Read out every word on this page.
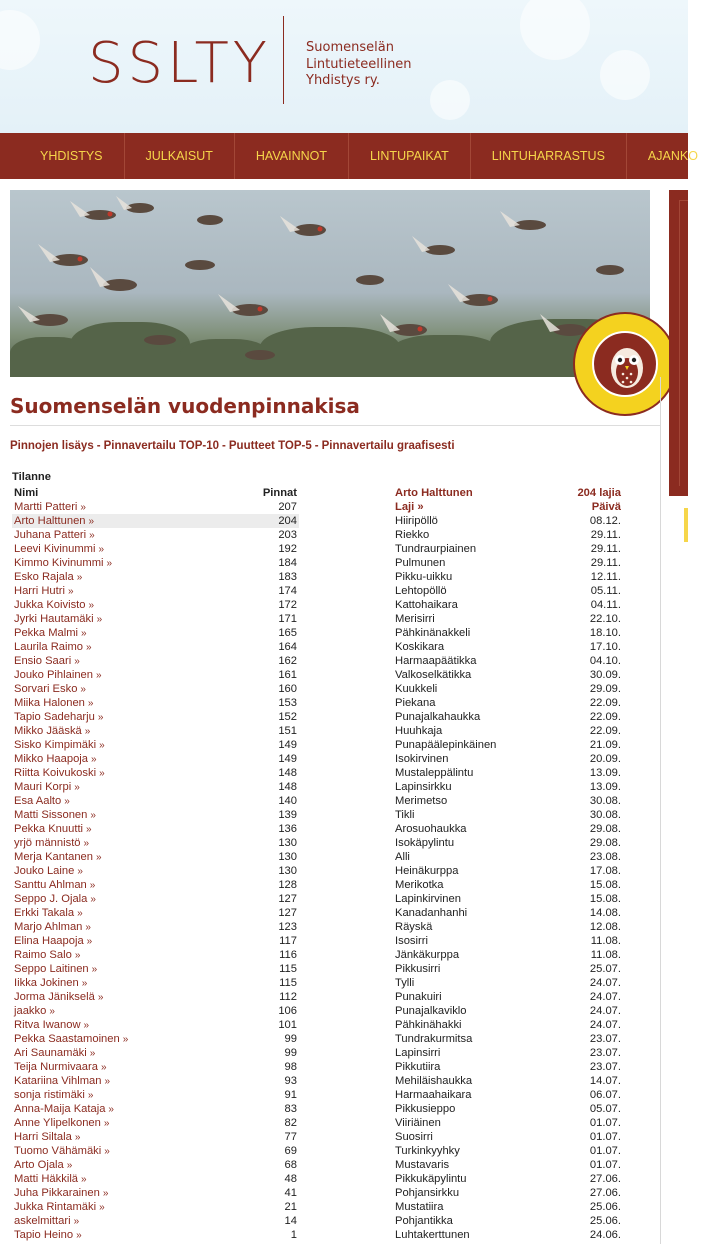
SSLTY	Suomenselän
Lintutieteellinen
Yhdistys ry.
YHDISTYS	JULKAISUT	HAVAINNOT	LINTUPAIKAT	LINTUHARRASTUS	AJANKO
Suomenselän vuodenpinnakisa
Pinnojen lisäys - Pinnavertailu TOP-10 - Puutteet TOP-5 - Pinnavertailu graafisesti
Tilanne
Nimi	Pinnat
Martti Patteri »	207
Arto Halttunen »	204
Juhana Patteri »	203
Leevi Kivinummi »	192
Kimmo Kivinummi »	184
Esko Rajala »	183
Harri Hutri »	174
Jukka Koivisto »	172
Jyrki Hautamäki »	171
Pekka Malmi »	165
Laurila Raimo »	164
Ensio Saari »	162
Jouko Pihlainen »	161
Sorvari Esko »	160
Miika Halonen »	153
Tapio Sadeharju »	152
Mikko Jääskä »	151
Sisko Kimpimäki »	149
Mikko Haapoja »	149
Riitta Koivukoski »	148
Mauri Korpi »	148
Esa Aalto »	140
Matti Sissonen »	139
Pekka Knuutti »	136
yrjö männistö »	130
Merja Kantanen »	130
Jouko Laine »	130
Santtu Ahlman »	128
Seppo J. Ojala »	127
Erkki Takala »	127
Marjo Ahlman »	123
Elina Haapoja »	117
Raimo Salo »	116
Seppo Laitinen »	115
Iikka Jokinen »	115
Jorma Jänikselä »	112
jaakko »	106
Ritva Iwanow »	101
Pekka Saastamoinen »	99
Ari Saunamäki »	99
Teija Nurmivaara »	98
Katariina Vihlman »	93
sonja ristimäki »	91
Anna-Maija Kataja »	83
Anne Ylipelkonen »	82
Harri Siltala »	77
Tuomo Vähämäki »	69
Arto Ojala »	68
Matti Häkkilä »	48
Juha Pikkarainen »	41
Jukka Rintamäki »	21
askelmittari »	14
Tapio Heino »	1
Arto Halttunen	204 lajia
Laji »	Päivä
Hiiripöllö	08.12.
Riekko	29.11.
Tundraurpiainen	29.11.
Pulmunen	29.11.
Pikku-uikku	12.11.
Lehtopöllö	05.11.
Kattohaikara	04.11.
Merisirri	22.10.
Pähkinänakkeli	18.10.
Koskikara	17.10.
Harmaapäätikka	04.10.
Valkoselkätikka	30.09.
Kuukkeli	29.09.
Piekana	22.09.
Punajalkahaukka	22.09.
Huuhkaja	22.09.
Punapäälepinkäinen	21.09.
Isokirvinen	20.09.
Mustaleppälintu	13.09.
Lapinsirkku	13.09.
Merimetso	30.08.
Tikli	30.08.
Arosuohaukka	29.08.
Isokäpylintu	29.08.
Alli	23.08.
Heinäkurppa	17.08.
Merikotka	15.08.
Lapinkirvinen	15.08.
Kanadanhanhi	14.08.
Räyskä	12.08.
Isosirri	11.08.
Jänkäkurppa	11.08.
Pikkusirri	25.07.
Tylli	24.07.
Punakuiri	24.07.
Punajalkaviklo	24.07.
Pähkinähakki	24.07.
Tundrakurmitsa	23.07.
Lapinsirri	23.07.
Pikkutiira	23.07.
Mehiläishaukka	14.07.
Harmaahaikara	06.07.
Pikkusieppo	05.07.
Viiriäinen	01.07.
Suosirri	01.07.
Turkinkyyhky	01.07.
Mustavaris	01.07.
Pikkukäpylintu	27.06.
Pohjansirkku	27.06.
Mustatiira	25.06.
Pohjantikka	25.06.
Luhtakerttunen	24.06.
